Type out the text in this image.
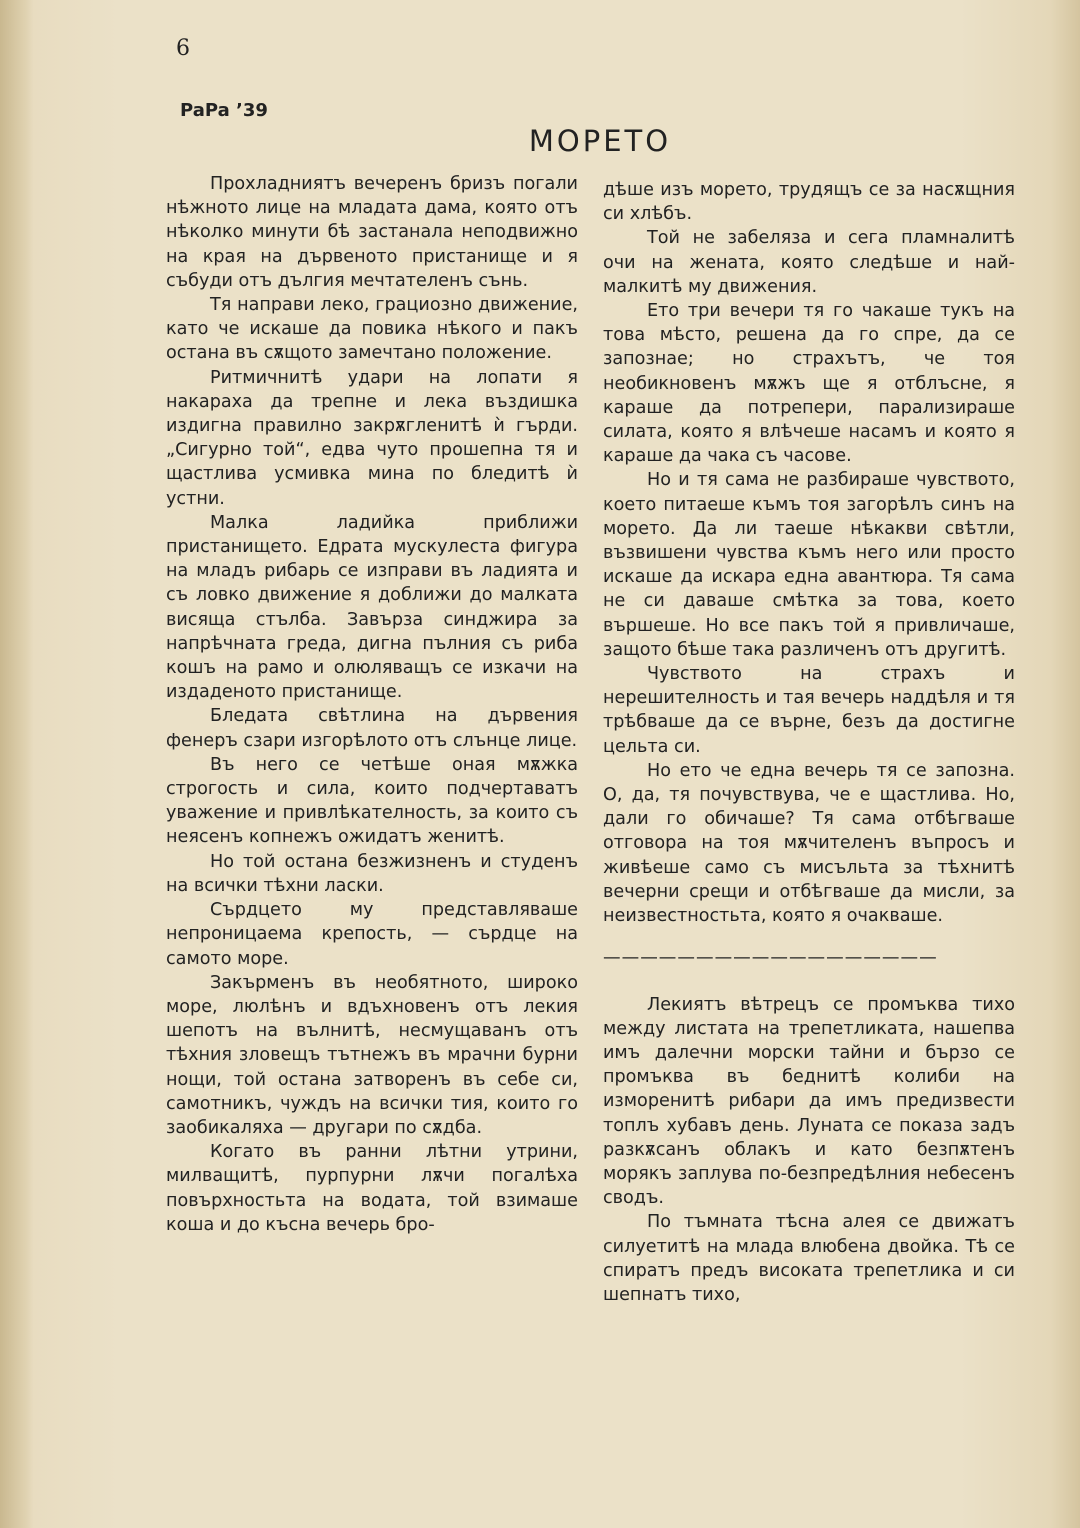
6
PaPa ’39
МОРЕТО

Прохладниятъ вечеренъ бризъ погали нѣжното лице на младата дама, която отъ нѣколко минути бѣ застанала неподвижно на края на дървеното пристанище и я събуди отъ дългия мечтателенъ сънь.

Тя направи леко, грациозно движение, като че искаше да повика нѣкого и пакъ остана въ сѫщото замечтано положение.

Ритмичнитѣ удари на лопати я накараха да трепне и лека въздишка издигна правилно закрѫгленитѣ ѝ гърди. „Сигурно той“, едва чуто прошепна тя и щастлива усмивка мина по бледитѣ ѝ устни.

Малка ладийка приближи пристанището. Едрата мускулеста фигура на младъ рибарь се изправи въ ладията и съ ловко движение я доближи до малката висяща стълба. Завърза синджира за напрѣчната греда, дигна пълния съ риба кошъ на рамо и олюляващъ се изкачи на издаденото пристанище.

Бледата свѣтлина на дървения фенеръ сзари изгорѣлото отъ слънце лице.

Въ него се четѣше оная мѫжка строгость и сила, които подчертаватъ уважение и привлѣкателность, за които съ неясенъ копнежъ ожидатъ женитѣ.

Но той остана безжизненъ и студенъ на всички тѣхни ласки.

Сърдцето му представляваше непроницаема крепость, — сърдце на самото море.

Закърменъ въ необятното, широко море, люлѣнъ и вдъхновенъ отъ лекия шепотъ на вълнитѣ, несмущаванъ отъ тѣхния зловещъ тътнежъ въ мрачни бурни нощи, той остана затворенъ въ себе си, самотникъ, чуждъ на всички тия, които го заобикаляха — другари по сѫдба.

Когато въ ранни лѣтни утрини, милващитѣ, пурпурни лѫчи погалѣха повърхностьта на водата, той взимаше коша и до късна вечерь бро-

дѣше изъ морето, трудящъ се за насѫщния си хлѣбъ.

Той не забеляза и сега пламналитѣ очи на жената, която следѣше и най-малкитѣ му движения.

Ето три вечери тя го чакаше тукъ на това мѣсто, решена да го спре, да се запознае; но страхътъ, че тоя необикновенъ мѫжъ ще я отблъсне, я караше да потрепери, парализираше силата, която я влѣчеше насамъ и която я караше да чака съ часове.

Но и тя сама не разбираше чувството, което питаеше къмъ тоя загорѣлъ синъ на морето. Да ли таеше нѣкакви свѣтли, възвишени чувства къмъ него или просто искаше да искара една авантюра. Тя сама не си даваше смѣтка за това, което вършеше. Но все пакъ той я привличаше, защото бѣше така различенъ отъ другитѣ.

Чувството на страхъ и нерешителность и тая вечерь наддѣля и тя трѣбваше да се върне, безъ да достигне цельта си.

Но ето че една вечерь тя се запозна. О, да, тя почувствува, че е щастлива. Но, дали го обичаше? Тя сама отбѣгваше отговора на тоя мѫчителенъ въпросъ и живѣеше само съ мисъльта за тѣхнитѣ вечерни срещи и отбѣгваше да мисли, за неизвестностьта, която я очакваше.

——————————————————

Лекиятъ вѣтрецъ се промъква тихо между листата на трепетликата, нашепва имъ далечни морски тайни и бързо се промъква въ беднитѣ колиби на изморенитѣ рибари да имъ предизвести топлъ хубавъ день. Луната се показа задъ разкѫсанъ облакъ и като безпѫтенъ морякъ заплува по-безпредѣлния небесенъ сводъ.

По тъмната тѣсна алея се движатъ силуетитѣ на млада влюбена двойка. Тѣ се спиратъ предъ високата трепетлика и си шепнатъ тихо,
